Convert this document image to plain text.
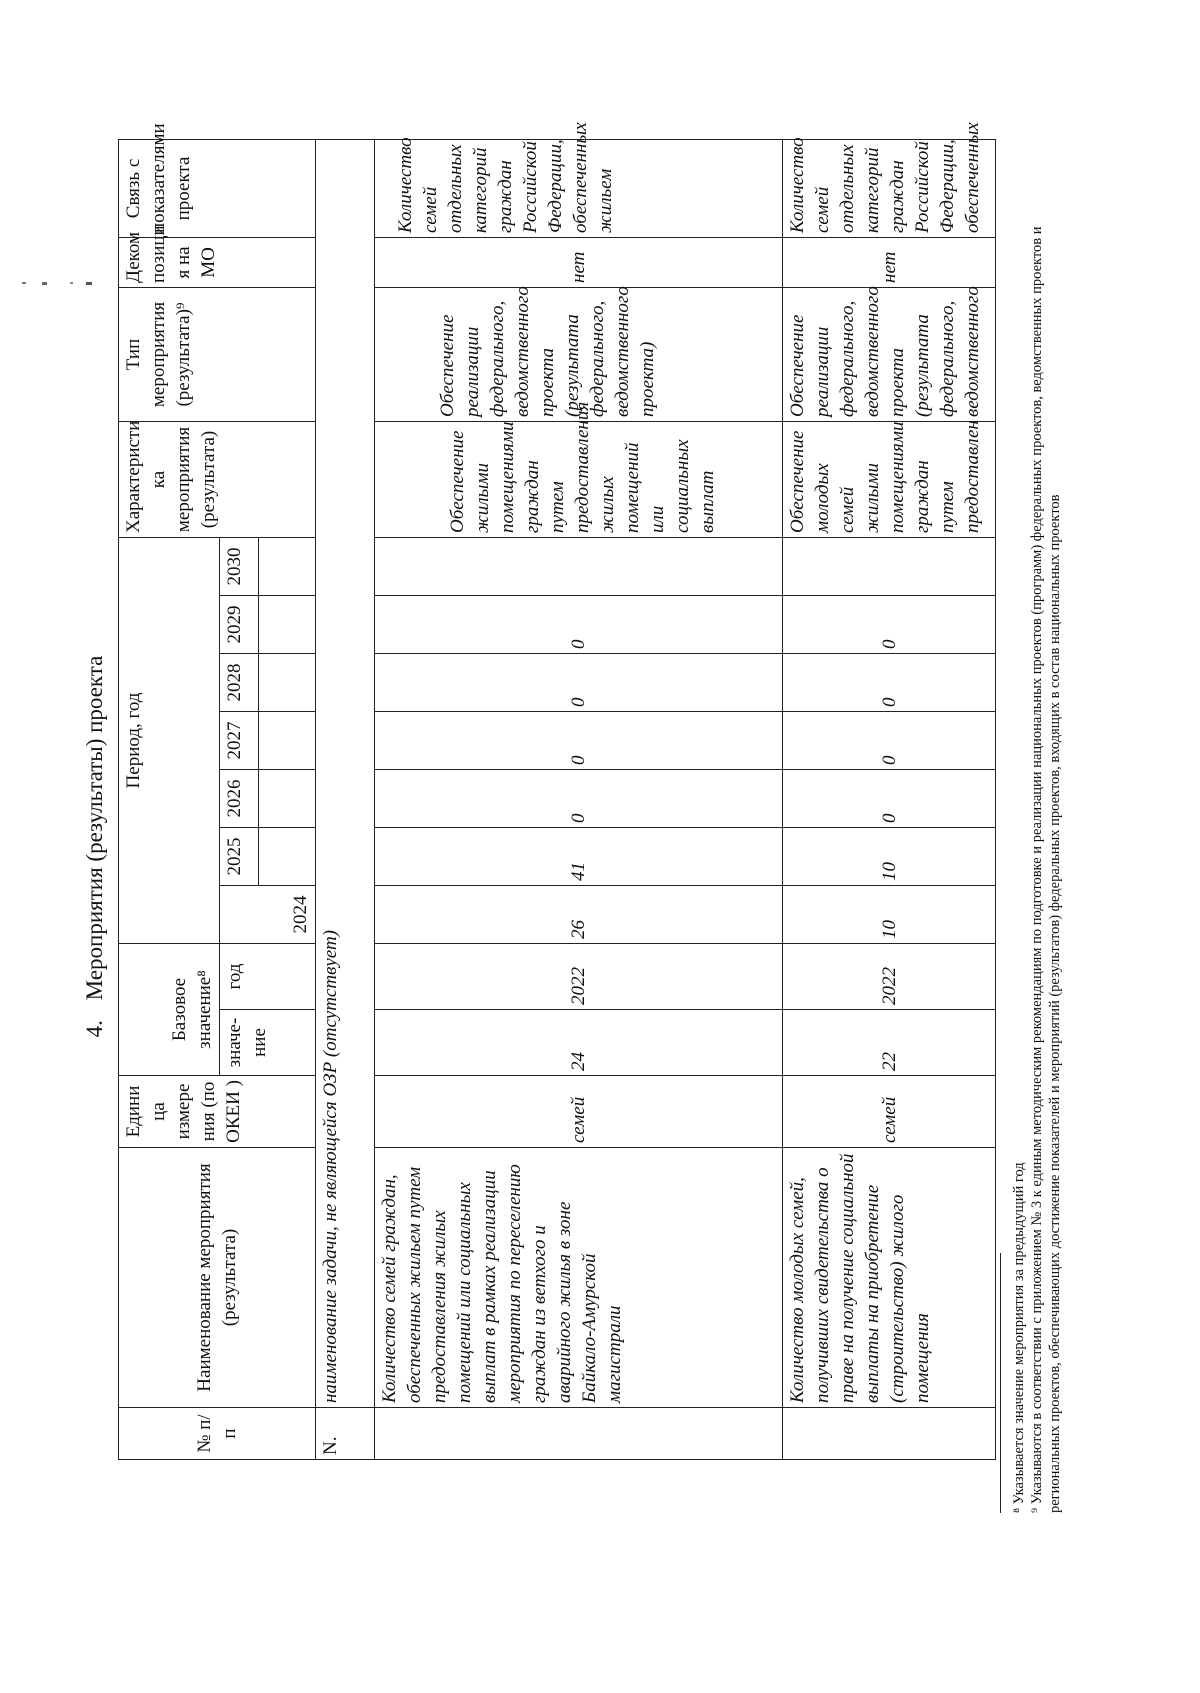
4. Мероприятия (результаты) проекта
№ п/п	Наименование мероприятия (результата)	Едини ца измере ния (по ОКЕИ )	Базовое значение⁸		Период, год							Характеристи ка мероприятия (результата)	Тип мероприятия (результата)⁹	Деком позици я на МО	Связь с показателями проекта
			значе-ние	год	2024	2025	2026	2027	2028	2029	2030				

N.	наименование задачи, не являющейся ОЗР (отсутствует)														
	Количество семей граждан, обеспеченных жильем путем предоставления жилых помещений или социальных выплат в рамках реализации мероприятия по переселению граждан из ветхого и аварийного жилья в зоне Байкало-Амурской магистрали	семей	24	2022	26	41	0	0	0	0		Обеспечение жилыми помещениями граждан путем предоставления жилых помещений или социальных выплат	Обеспечение реализации федерального, ведомственного проекта (результата федерального, ведомственного проекта)	нет	Количество семей отдельных категорий граждан Российской Федерации, обеспеченных жильем
	Количество молодых семей, получивших свидетельства о праве на получение социальной выплаты на приобретение (строительство) жилого помещения	семей	22	2022	10	10	0	0	0	0		Обеспечение молодых семей жилыми помещениями граждан путем предоставлен	Обеспечение реализации федерального, ведомственного проекта (результата федерального, ведомственного	нет	Количество семей отдельных категорий граждан Российской Федерации, обеспеченных

⁸ Указывается значение мероприятия за предыдущий год ⁹ Указываются в соответствии с приложением № 3 к единым методическим рекомендациям по подготовке и реализации национальных проектов (программ) федеральных проектов, ведомственных проектов и региональных проектов, обеспечивающих достижение показателей и мероприятий (результатов) федеральных проектов, входящих в состав национальных проектов
